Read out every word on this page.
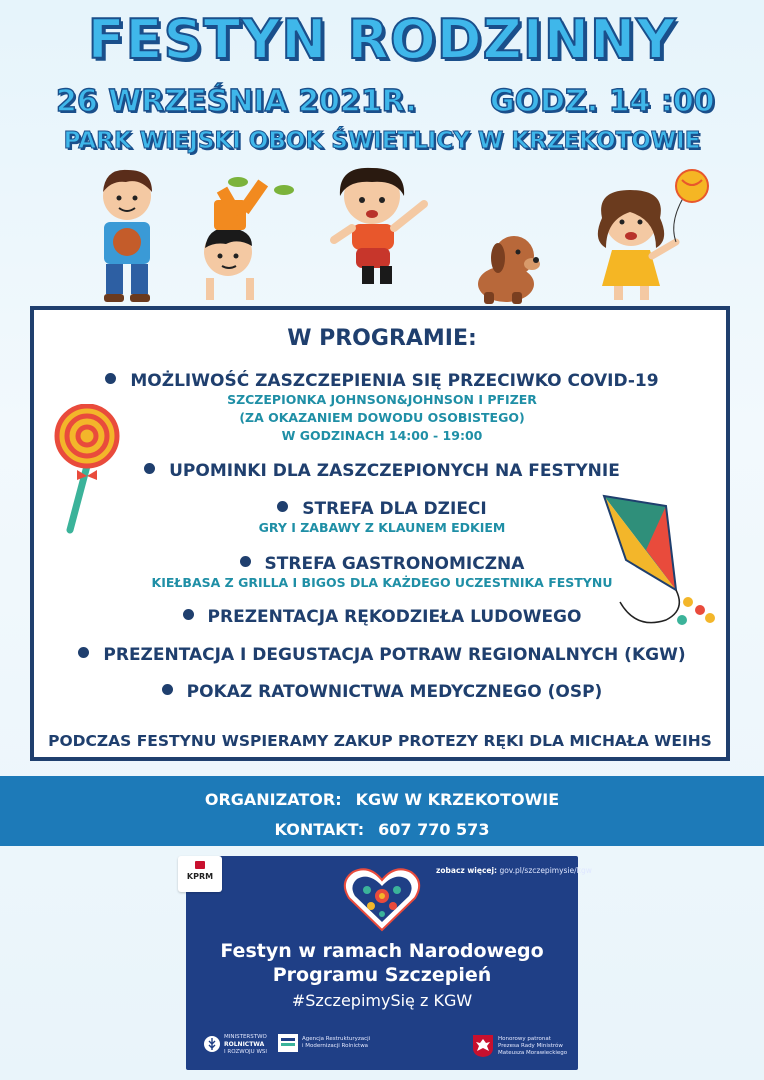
FESTYN RODZINNY
26 WRZEŚNIA 2021R. GODZ. 14 :00
PARK WIEJSKI OBOK ŚWIETLICY W KRZEKOTOWIE
W PROGRAMIE:
MOŻLIWOŚĆ ZASZCZEPIENIA SIĘ PRZECIWKO COVID-19
SZCZEPIONKA JOHNSON&JOHNSON I PFIZER
(ZA OKAZANIEM DOWODU OSOBISTEGO)
W GODZINACH 14:00 - 19:00
UPOMINKI DLA ZASZCZEPIONYCH NA FESTYNIE
STREFA DLA DZIECI
GRY I ZABAWY Z KLAUNEM EDKIEM
STREFA GASTRONOMICZNA
KIEŁBASA Z GRILLA I BIGOS DLA KAŻDEGO UCZESTNIKA FESTYNU
PREZENTACJA RĘKODZIEŁA LUDOWEGO
PREZENTACJA I DEGUSTACJA POTRAW REGIONALNYCH (KGW)
POKAZ RATOWNICTWA MEDYCZNEGO (OSP)
PODCZAS FESTYNU WSPIERAMY ZAKUP PROTEZY RĘKI DLA MICHAŁA WEIHS
ORGANIZATOR: KGW W KRZEKOTOWIE
KONTAKT: 607 770 573
KPRM
zobacz więcej: gov.pl/szczepimysie/kgw
Festyn w ramach Narodowego
Programu Szczepień
#SzczepimySię z KGW
MINISTERSTWO
ROLNICTWA
I ROZWOJU WSI
Agencja Restrukturyzacji
i Modernizacji Rolnictwa
Honorowy patronat
Prezesa Rady Ministrów
Mateusza Morawieckiego
